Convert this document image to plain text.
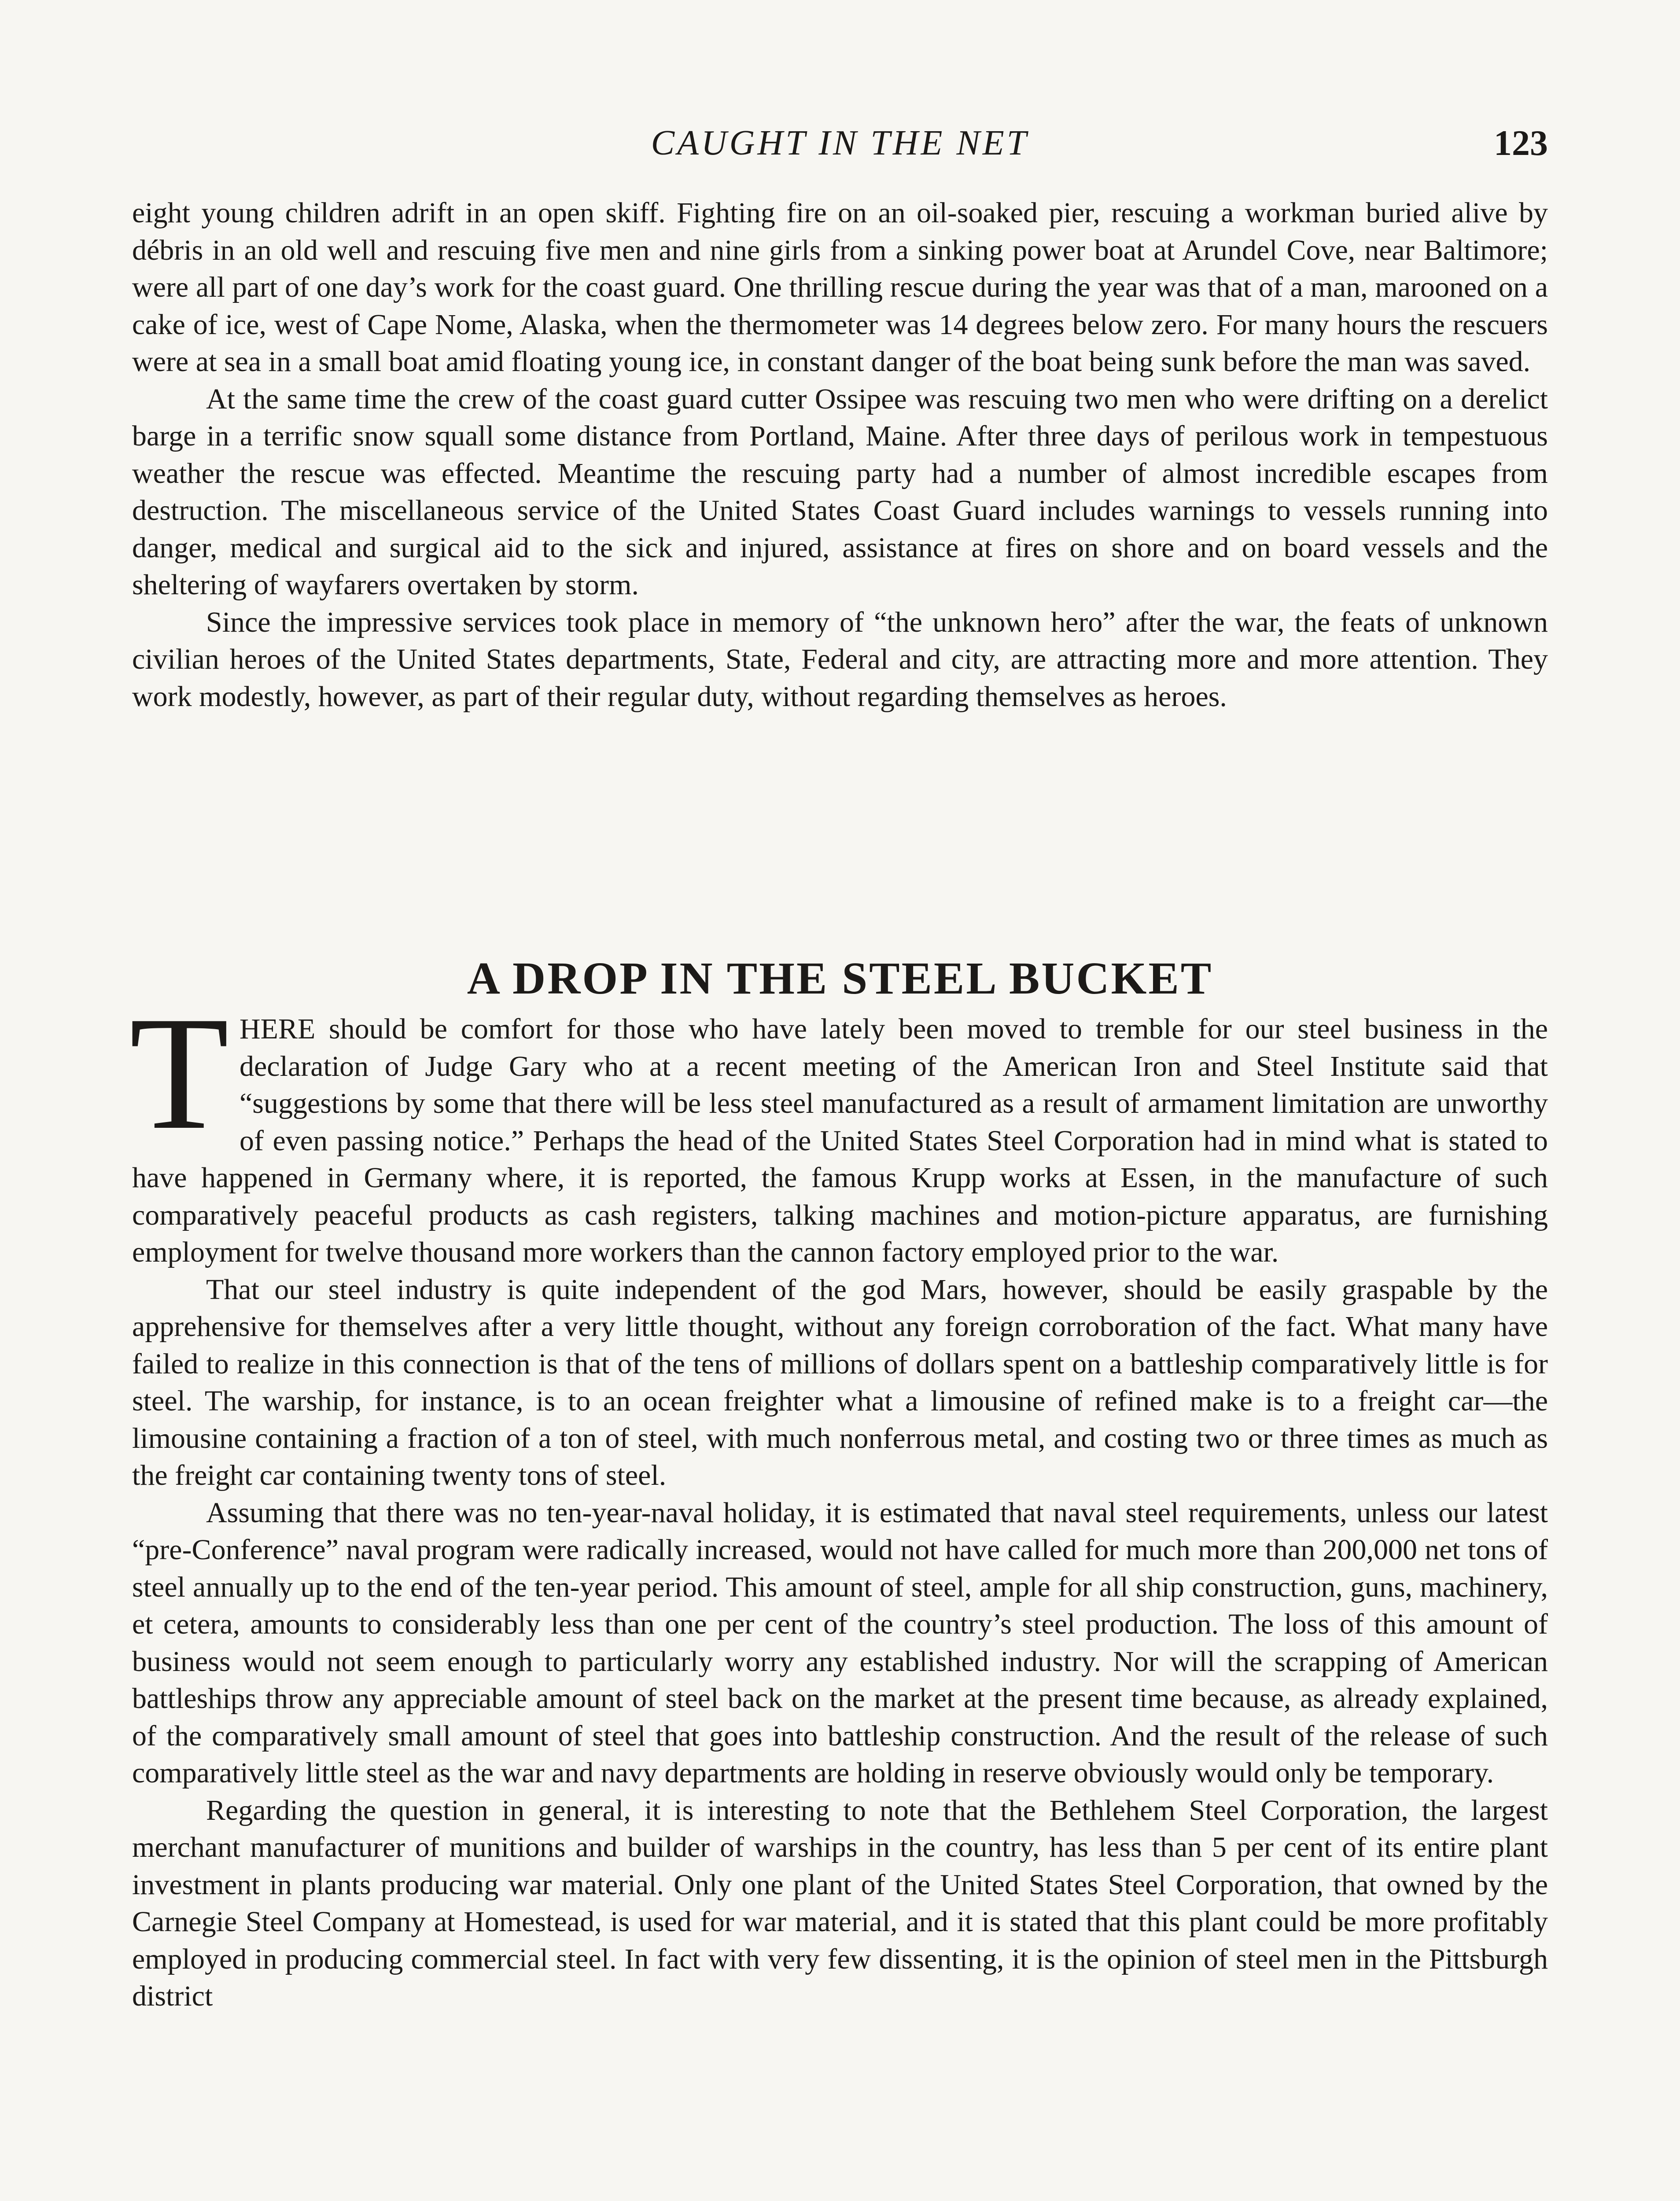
CAUGHT IN THE NET	123

eight young children adrift in an open skiff. Fighting fire on an oil-soaked pier, rescuing a workman buried alive by débris in an old well and rescuing five men and nine girls from a sinking power boat at Arundel Cove, near Baltimore; were all part of one day’s work for the coast guard. One thrilling rescue during the year was that of a man, marooned on a cake of ice, west of Cape Nome, Alaska, when the thermometer was 14 degrees below zero. For many hours the rescuers were at sea in a small boat amid floating young ice, in constant danger of the boat being sunk before the man was saved.

At the same time the crew of the coast guard cutter Ossipee was rescuing two men who were drifting on a derelict barge in a terrific snow squall some distance from Portland, Maine. After three days of perilous work in tempestuous weather the rescue was effected. Meantime the rescuing party had a number of almost incredible escapes from destruction. The miscellaneous service of the United States Coast Guard includes warnings to vessels running into danger, medical and surgical aid to the sick and injured, assistance at fires on shore and on board vessels and the sheltering of wayfarers overtaken by storm.

Since the impressive services took place in memory of “the unknown hero” after the war, the feats of unknown civilian heroes of the United States departments, State, Federal and city, are attracting more and more attention. They work modestly, however, as part of their regular duty, without regarding themselves as heroes.

A DROP IN THE STEEL BUCKET

THERE should be comfort for those who have lately been moved to tremble for our steel business in the declaration of Judge Gary who at a recent meeting of the American Iron and Steel Institute said that “suggestions by some that there will be less steel manufactured as a result of armament limitation are unworthy of even passing notice.” Perhaps the head of the United States Steel Corporation had in mind what is stated to have happened in Germany where, it is reported, the famous Krupp works at Essen, in the manufacture of such comparatively peaceful products as cash registers, talking machines and motion-picture apparatus, are furnishing employment for twelve thousand more workers than the cannon factory employed prior to the war.

That our steel industry is quite independent of the god Mars, however, should be easily graspable by the apprehensive for themselves after a very little thought, without any foreign corroboration of the fact. What many have failed to realize in this connection is that of the tens of millions of dollars spent on a battleship comparatively little is for steel. The warship, for instance, is to an ocean freighter what a limousine of refined make is to a freight car—the limousine containing a fraction of a ton of steel, with much nonferrous metal, and costing two or three times as much as the freight car containing twenty tons of steel.

Assuming that there was no ten-year-naval holiday, it is estimated that naval steel requirements, unless our latest “pre-Conference” naval program were radically increased, would not have called for much more than 200,000 net tons of steel annually up to the end of the ten-year period. This amount of steel, ample for all ship construction, guns, machinery, et cetera, amounts to considerably less than one per cent of the country’s steel production. The loss of this amount of business would not seem enough to particularly worry any established industry. Nor will the scrapping of American battleships throw any appreciable amount of steel back on the market at the present time because, as already explained, of the comparatively small amount of steel that goes into battleship construction. And the result of the release of such comparatively little steel as the war and navy departments are holding in reserve obviously would only be temporary.

Regarding the question in general, it is interesting to note that the Bethlehem Steel Corporation, the largest merchant manufacturer of munitions and builder of warships in the country, has less than 5 per cent of its entire plant investment in plants producing war material. Only one plant of the United States Steel Corporation, that owned by the Carnegie Steel Company at Homestead, is used for war material, and it is stated that this plant could be more profitably employed in producing commercial steel. In fact with very few dissenting, it is the opinion of steel men in the Pittsburgh district
